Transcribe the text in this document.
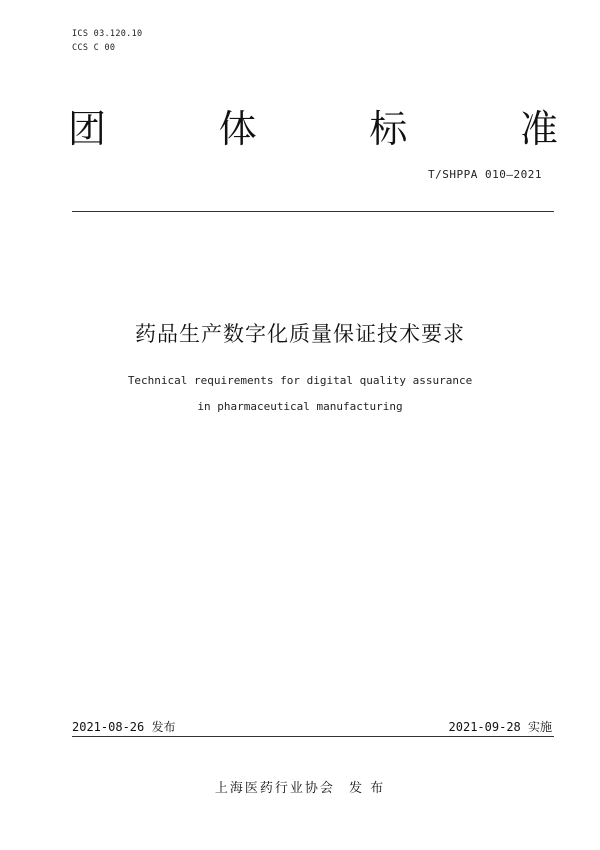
ICS 03.120.10
CCS C 00
团	体	标	准
T/SHPPA 010—2021
药品生产数字化质量保证技术要求
Technical requirements for digital quality assurance
in pharmaceutical manufacturing
2021-08-26 发布	2021-09-28 实施
上海医药行业协会 发 布
